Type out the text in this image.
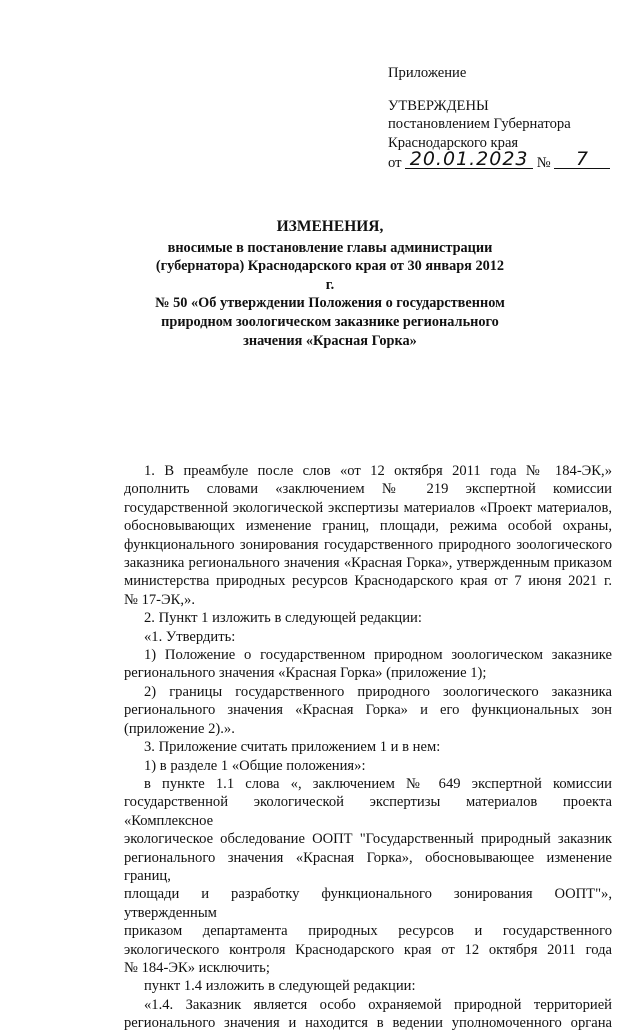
Приложение
УТВЕРЖДЕНЫ
постановлением Губернатора
Краснодарского края
от 20.01.2023 № 7
ИЗМЕНЕНИЯ,
вносимые в постановление главы администрации
(губернатора) Краснодарского края от 30 января 2012 г.
№ 50 «Об утверждении Положения о государственном
природном зоологическом заказнике регионального
значения «Красная Горка»
1. В преамбуле после слов «от 12 октября 2011 года № 184-ЭК,»
дополнить словами «заключением № 219 экспертной комиссии
государственной экологической экспертизы материалов «Проект материалов,
обосновывающих изменение границ, площади, режима особой охраны,
функционального зонирования государственного природного зоологического
заказника регионального значения «Красная Горка», утвержденным приказом
министерства природных ресурсов Краснодарского края от 7 июня 2021 г.
№ 17-ЭК,».
2. Пункт 1 изложить в следующей редакции:
«1. Утвердить:
1) Положение о государственном природном зоологическом заказнике
регионального значения «Красная Горка» (приложение 1);
2) границы государственного природного зоологического заказника
регионального значения «Красная Горка» и его функциональных зон
(приложение 2).».
3. Приложение считать приложением 1 и в нем:
1) в разделе 1 «Общие положения»:
в пункте 1.1 слова «, заключением № 649 экспертной комиссии
государственной экологической экспертизы материалов проекта «Комплексное
экологическое обследование ООПТ "Государственный природный заказник
регионального значения «Красная Горка», обосновывающее изменение границ,
площади и разработку функционального зонирования ООПТ"», утвержденным
приказом департамента природных ресурсов и государственного
экологического контроля Краснодарского края от 12 октября 2011 года
№ 184-ЭК» исключить;
пункт 1.4 изложить в следующей редакции:
«1.4. Заказник является особо охраняемой природной территорией
регионального значения и находится в ведении уполномоченного органа
